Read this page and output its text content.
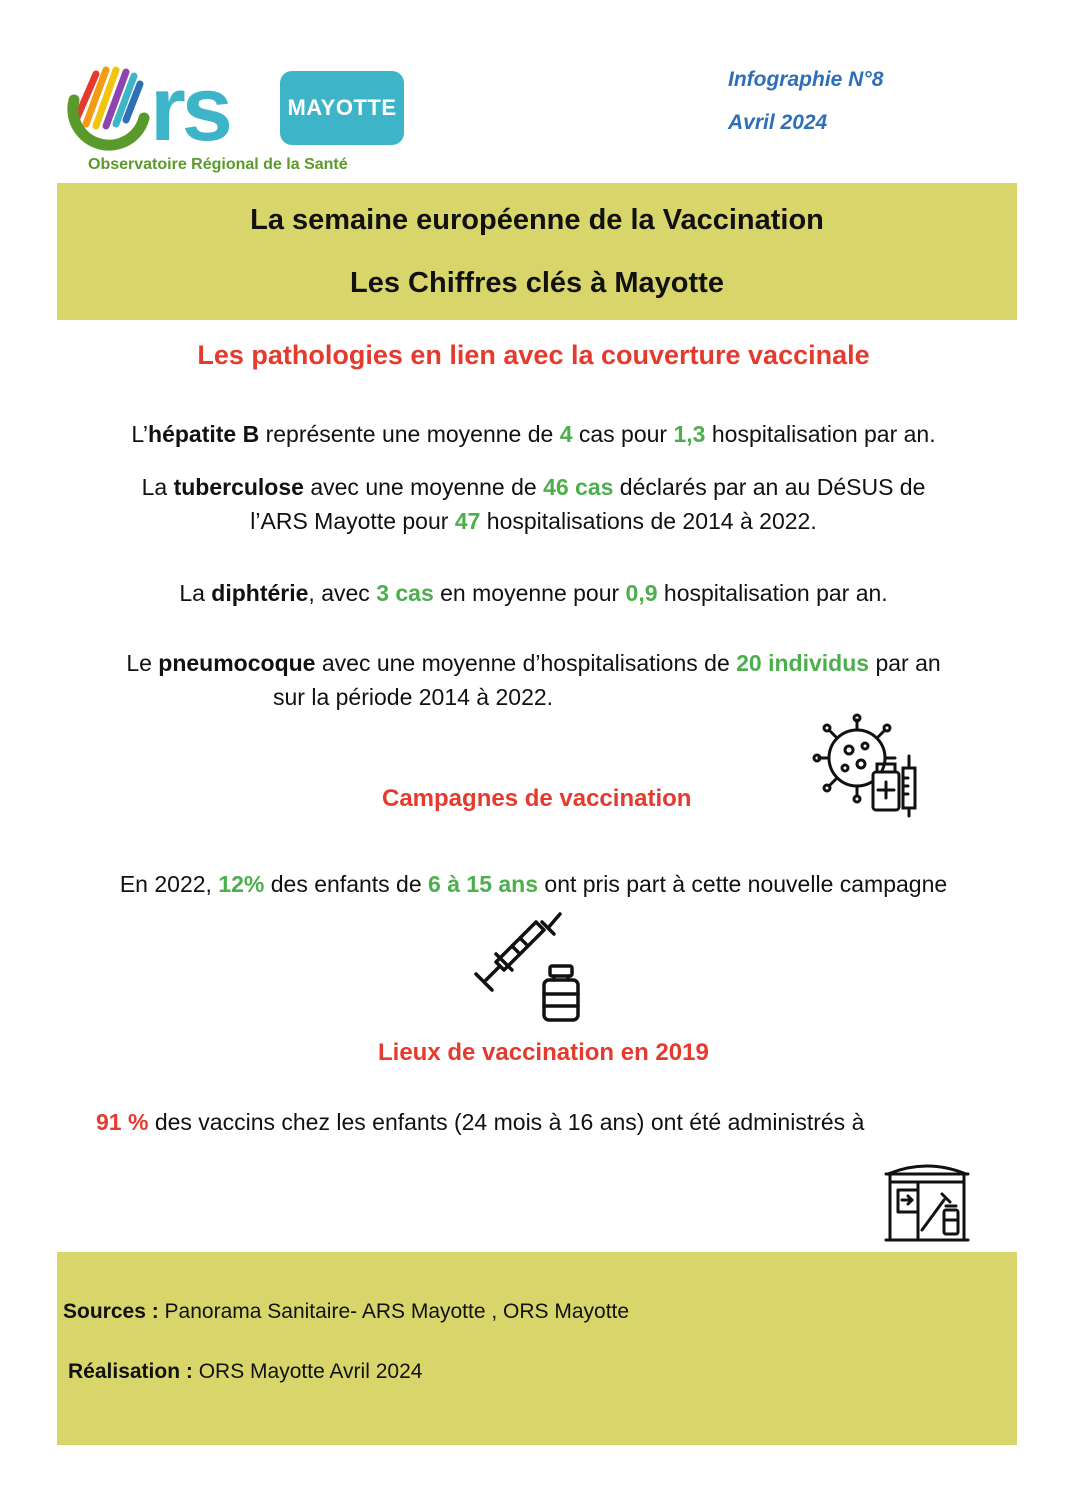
rs	MAYOTTE
Observatoire Régional de la Santé
Infographie N°8
Avril 2024
La semaine européenne de la Vaccination
Les Chiffres clés à Mayotte
Les pathologies en lien avec la couverture vaccinale
L’hépatite B représente une moyenne de 4 cas pour 1,3 hospitalisation par an.
La tuberculose avec une moyenne de 46 cas déclarés par an au DéSUS de
l’ARS Mayotte pour 47 hospitalisations de 2014 à 2022.
La diphtérie, avec 3 cas en moyenne pour 0,9 hospitalisation par an.
Le pneumocoque avec une moyenne d’hospitalisations de 20 individus par an
sur la période 2014 à 2022.
Campagnes de vaccination
En 2022, 12% des enfants de 6 à 15 ans ont pris part à cette nouvelle campagne
Lieux de vaccination en 2019
91 % des vaccins chez les enfants (24 mois à 16 ans) ont été administrés à
Sources : Panorama Sanitaire- ARS Mayotte , ORS Mayotte
Réalisation : ORS Mayotte Avril 2024
